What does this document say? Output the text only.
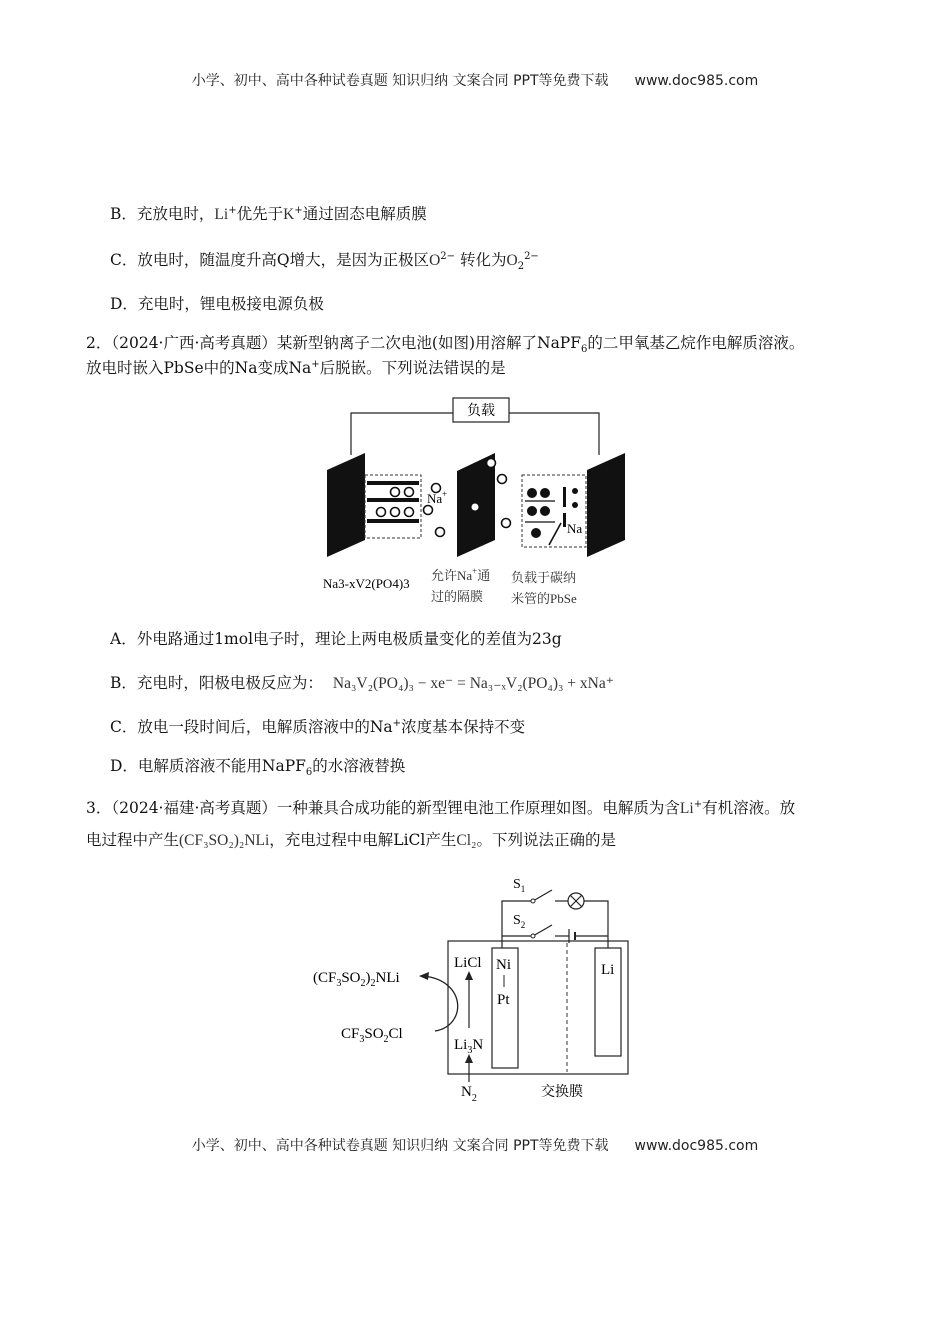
小学、初中、高中各种试卷真题 知识归纳 文案合同 PPT等免费下载 www.doc985.com
B．充放电时，Li+优先于K+通过固态电解质膜
C．放电时，随温度升高Q增大，是因为正极区$O^{2-}$ 转化为$O_2^{2-}$
D．充电时，锂电极接电源负极
2．（2024·广西·高考真题）某新型钠离子二次电池(如图)用溶解了NaPF$_6$的二甲氧基乙烷作电解质溶液。
放电时嵌入PbSe中的Na变成Na+后脱嵌。下列说法错误的是
负载
Na+
Na
Na3-xV2(PO4)3
允许Na+通
过的隔膜
负载于碳纳
米管的PbSe
A．外电路通过1mol电子时，理论上两电极质量变化的差值为23g
B．充电时，阳极电极反应为： Na₃V₂(PO₄)₃ − xe⁻ = Na₃₋ₓV₂(PO₄)₃ + xNa⁺
C．放电一段时间后，电解质溶液中的Na+浓度基本保持不变
D．电解质溶液不能用NaPF$_6$的水溶液替换
3．（2024·福建·高考真题）一种兼具合成功能的新型锂电池工作原理如图。电解质为含Li+有机溶液。放
电过程中产生(CF₃SO₂)₂NLi，充电过程中电解LiCl产生Cl₂。下列说法正确的是
$S_1$
$S_2$
LiCl Ni
Pt
Li
$Li_3N$
$N_2$
$(CF_3SO_2)_2NLi$
$CF_3SO_2Cl$
交换膜
小学、初中、高中各种试卷真题 知识归纳 文案合同 PPT等免费下载 www.doc985.com
